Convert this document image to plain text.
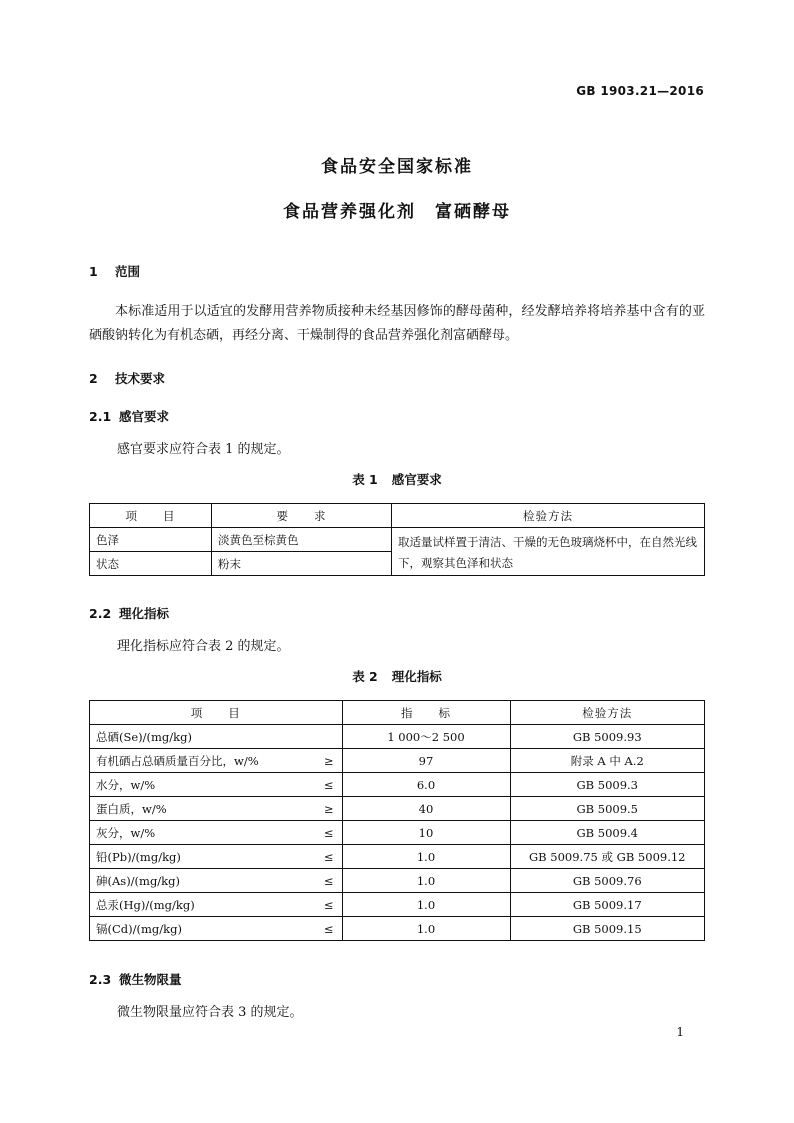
GB 1903.21—2016
食品安全国家标准
食品营养强化剂　富硒酵母
1 范围
本标准适用于以适宜的发酵用营养物质接种未经基因修饰的酵母菌种，经发酵培养将培养基中含有的亚硒酸钠转化为有机态硒，再经分离、干燥制得的食品营养强化剂富硒酵母。
2 技术要求
2.1 感官要求
感官要求应符合表 1 的规定。
表 1 感官要求
项　　目	要　　求	检验方法
色泽	淡黄色至棕黄色	取适量试样置于清洁、干燥的无色玻璃烧杯中，在自然光线下，观察其色泽和状态
状态	粉末	
2.2 理化指标
理化指标应符合表 2 的规定。
表 2 理化指标
项　　目		指　　标	检验方法
总硒(Se)/(mg/kg)		1 000～2 500	GB 5009.93
有机硒占总硒质量百分比，w/%	≥	97	附录 A 中 A.2
水分，w/%	≤	6.0	GB 5009.3
蛋白质，w/%	≥	40	GB 5009.5
灰分，w/%	≤	10	GB 5009.4
铅(Pb)/(mg/kg)	≤	1.0	GB 5009.75 或 GB 5009.12
砷(As)/(mg/kg)	≤	1.0	GB 5009.76
总汞(Hg)/(mg/kg)	≤	1.0	GB 5009.17
镉(Cd)/(mg/kg)	≤	1.0	GB 5009.15
2.3 微生物限量
微生物限量应符合表 3 的规定。
1
